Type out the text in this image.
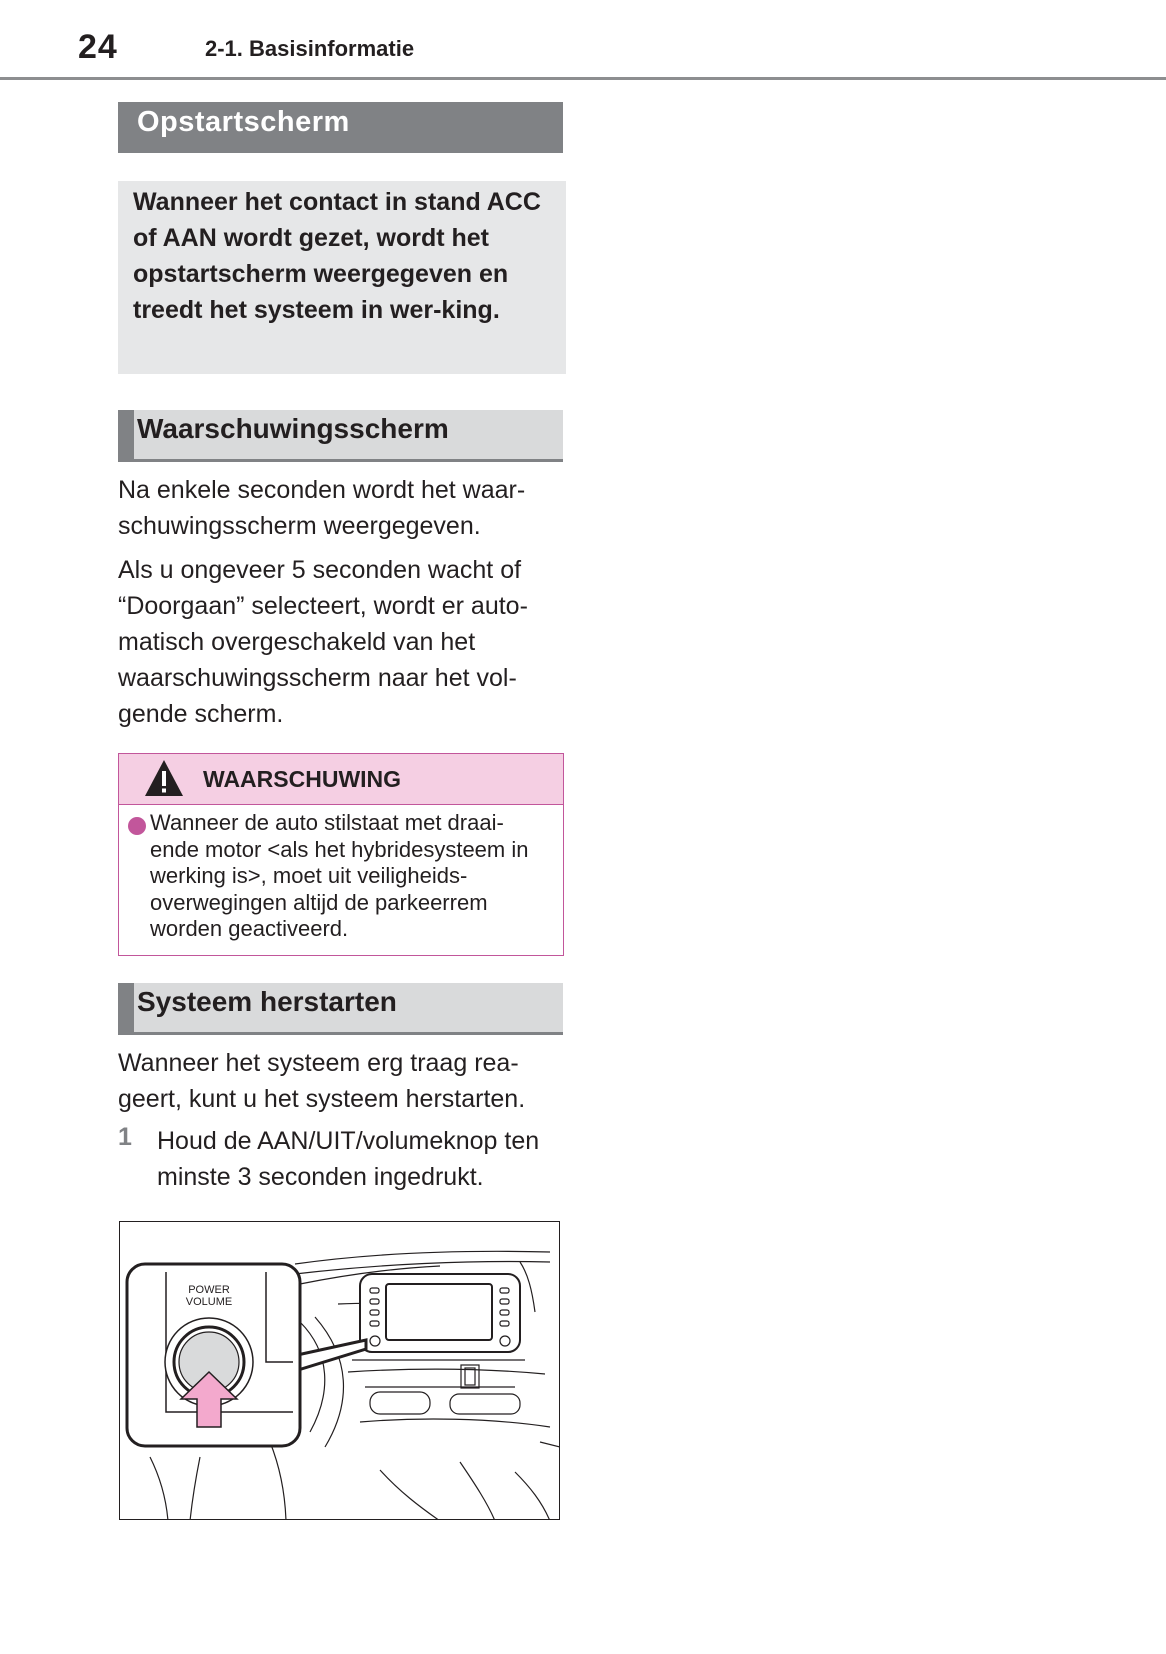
24	2-1. Basisinformatie
Opstartscherm
Wanneer het contact in stand ACC of AAN wordt gezet, wordt het opstartscherm weergegeven en treedt het systeem in wer-king.
Waarschuwingsscherm

Na enkele seconden wordt het waar-schuwingsscherm weergegeven.

Als u ongeveer 5 seconden wacht of “Doorgaan” selecteert, wordt er auto-matisch overgeschakeld van het waarschuwingsscherm naar het vol-gende scherm.

WAARSCHUWING
Wanneer de auto stilstaat met draai-ende motor <als het hybridesysteem in werking is>, moet uit veiligheids-overwegingen altijd de parkeerrem worden geactiveerd.
Systeem herstarten

Wanneer het systeem erg traag rea-geert, kunt u het systeem herstarten.

1 Houd de AAN/UIT/volumeknop ten minste 3 seconden ingedrukt.
POWER
VOLUME
